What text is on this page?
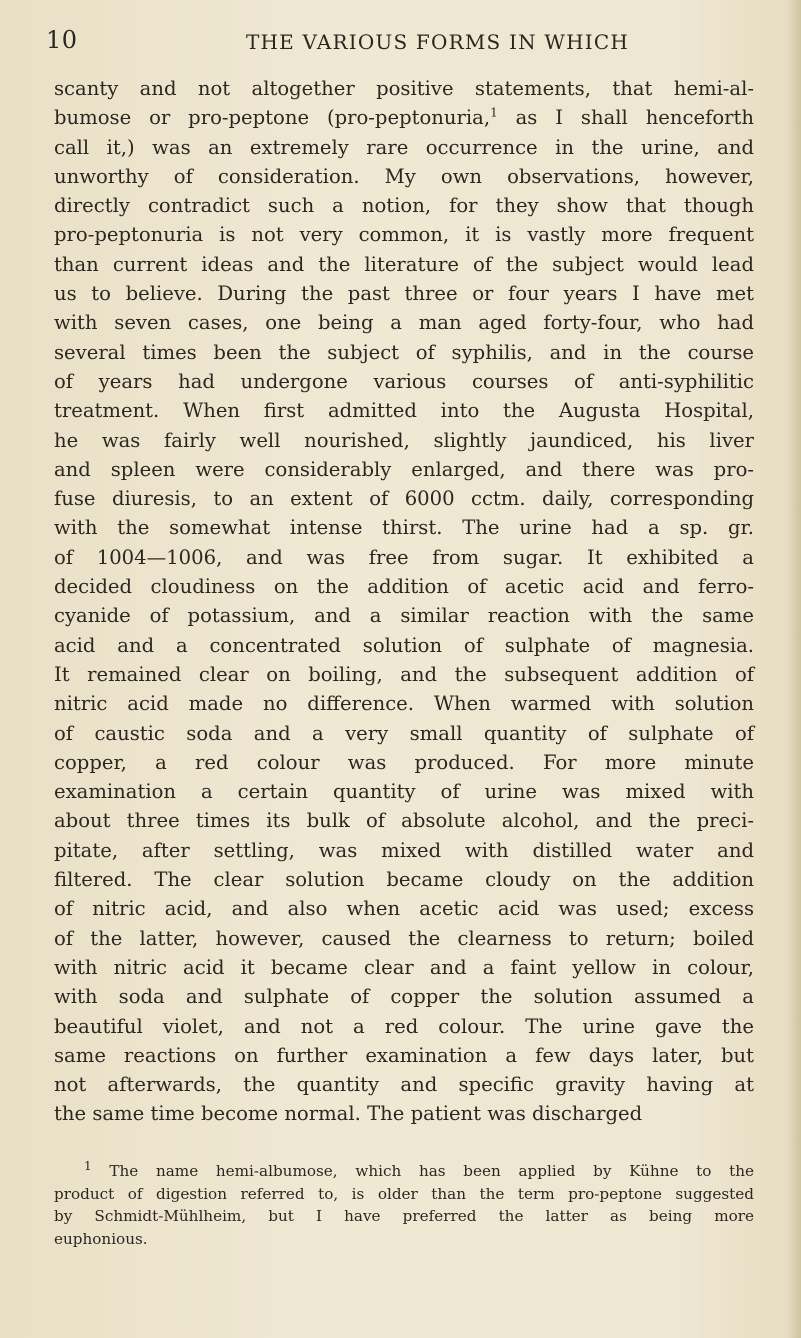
10	THE VARIOUS FORMS IN WHICH
scanty and not altogether positive statements, that hemi-al-
bumose or pro-peptone (pro-peptonuria,$^1$ as I shall henceforth
call it,) was an extremely rare occurrence in the urine, and
unworthy of consideration. My own observations, however,
directly contradict such a notion, for they show that though
pro-peptonuria is not very common, it is vastly more frequent
than current ideas and the literature of the subject would lead
us to believe. During the past three or four years I have met
with seven cases, one being a man aged forty-four, who had
several times been the subject of syphilis, and in the course
of years had undergone various courses of anti-syphilitic
treatment. When first admitted into the Augusta Hospital,
he was fairly well nourished, slightly jaundiced, his liver
and spleen were considerably enlarged, and there was pro-
fuse diuresis, to an extent of 6000 cctm. daily, corresponding
with the somewhat intense thirst. The urine had a sp. gr.
of 1004—1006, and was free from sugar. It exhibited a
decided cloudiness on the addition of acetic acid and ferro-
cyanide of potassium, and a similar reaction with the same
acid and a concentrated solution of sulphate of magnesia.
It remained clear on boiling, and the subsequent addition of
nitric acid made no difference. When warmed with solution
of caustic soda and a very small quantity of sulphate of
copper, a red colour was produced. For more minute
examination a certain quantity of urine was mixed with
about three times its bulk of absolute alcohol, and the preci-
pitate, after settling, was mixed with distilled water and
filtered. The clear solution became cloudy on the addition
of nitric acid, and also when acetic acid was used; excess
of the latter, however, caused the clearness to return; boiled
with nitric acid it became clear and a faint yellow in colour,
with soda and sulphate of copper the solution assumed a
beautiful violet, and not a red colour. The urine gave the
same reactions on further examination a few days later, but
not afterwards, the quantity and specific gravity having at
the same time become normal. The patient was discharged
$^1$ The name hemi-albumose, which has been applied by Kühne to the
product of digestion referred to, is older than the term pro-peptone suggested
by Schmidt-Mühlheim, but I have preferred the latter as being more
euphonious.
